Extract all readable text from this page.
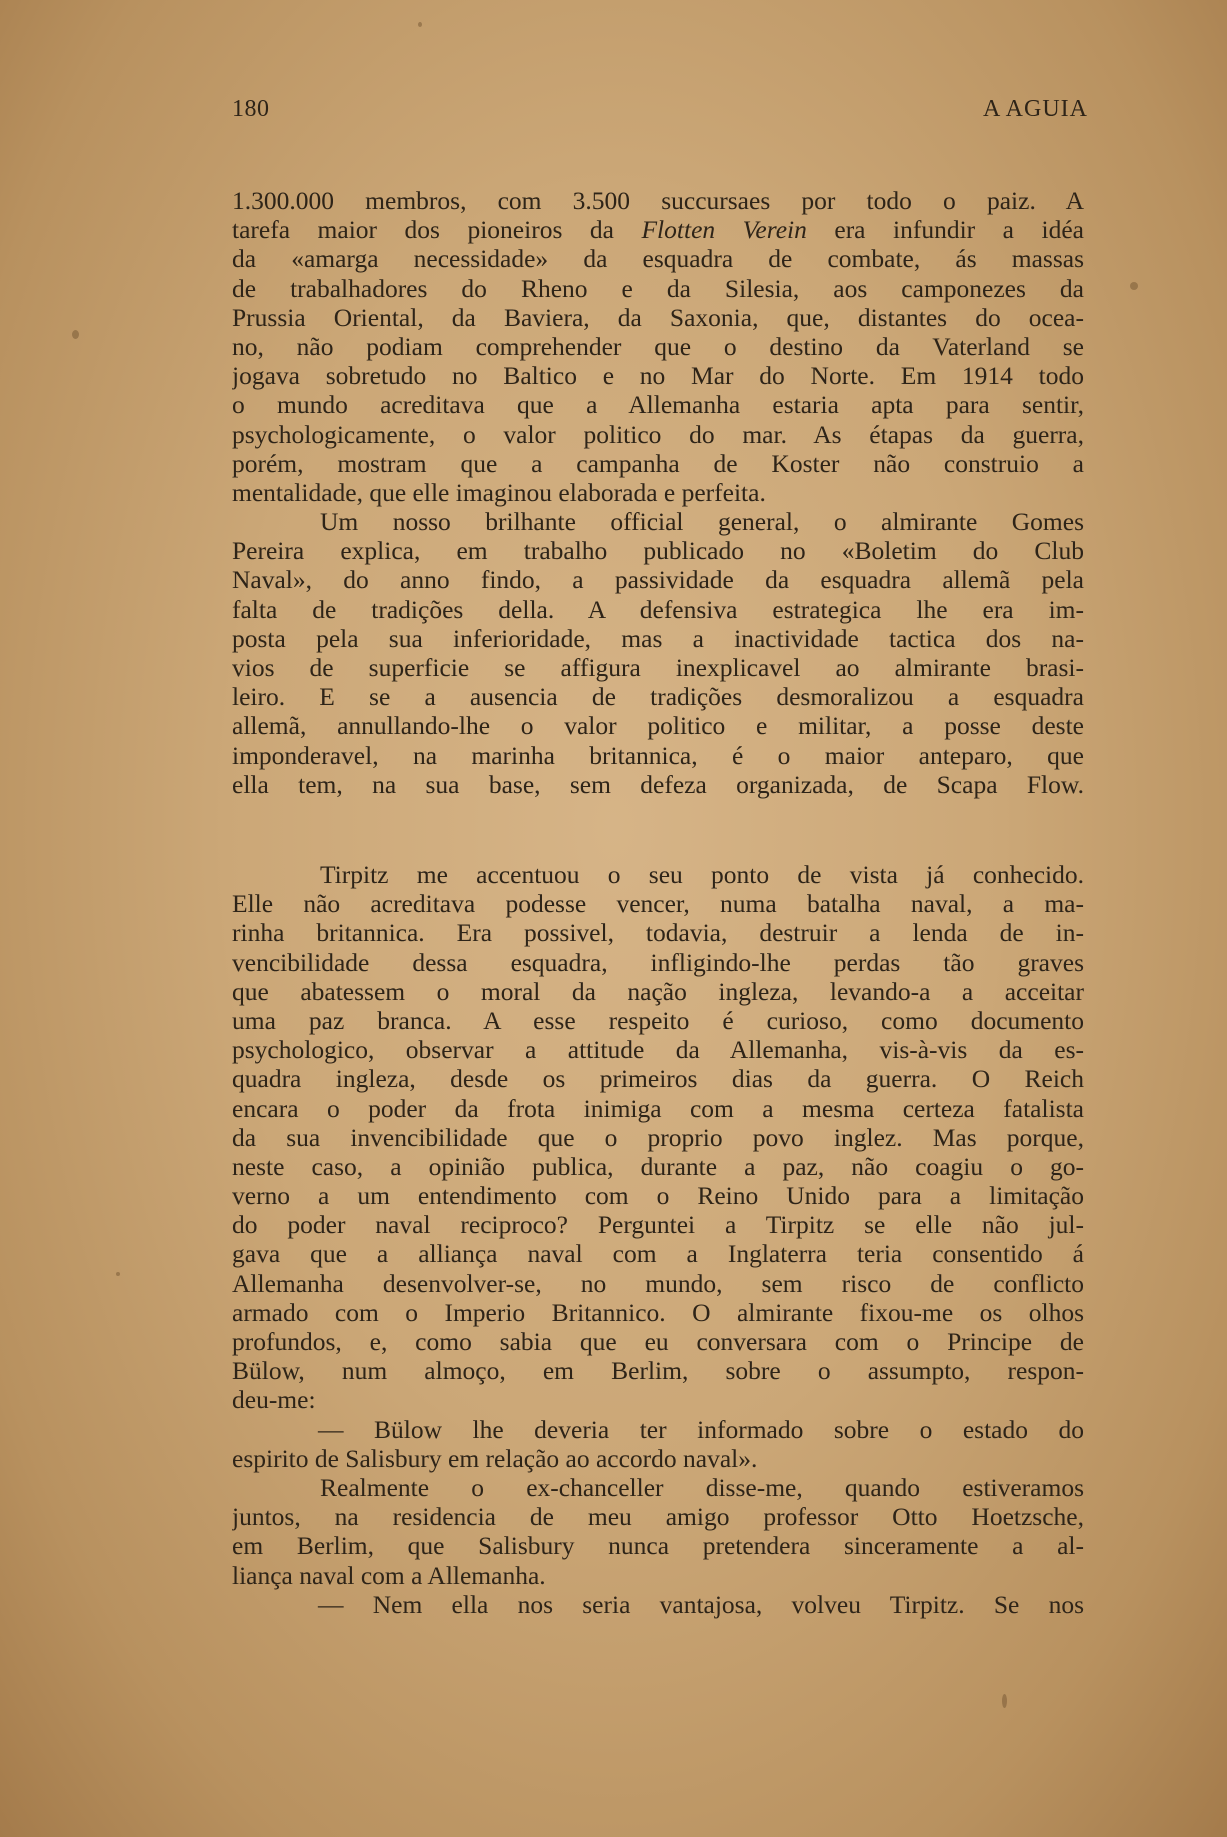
180	A AGUIA
1.300.000 membros, com 3.500 succursaes por todo o paiz. A
tarefa maior dos pioneiros da Flotten Verein era infundir a idéa
da «amarga necessidade» da esquadra de combate, ás massas
de trabalhadores do Rheno e da Silesia, aos camponezes da
Prussia Oriental, da Baviera, da Saxonia, que, distantes do ocea-
no, não podiam comprehender que o destino da Vaterland se
jogava sobretudo no Baltico e no Mar do Norte. Em 1914 todo
o mundo acreditava que a Allemanha estaria apta para sentir,
psychologicamente, o valor politico do mar. As étapas da guerra,
porém, mostram que a campanha de Koster não construio a
mentalidade, que elle imaginou elaborada e perfeita.
Um nosso brilhante official general, o almirante Gomes
Pereira explica, em trabalho publicado no «Boletim do Club
Naval», do anno findo, a passividade da esquadra allemã pela
falta de tradições della. A defensiva estrategica lhe era im-
posta pela sua inferioridade, mas a inactividade tactica dos na-
vios de superficie se affigura inexplicavel ao almirante brasi-
leiro. E se a ausencia de tradições desmoralizou a esquadra
allemã, annullando-lhe o valor politico e militar, a posse deste
imponderavel, na marinha britannica, é o maior anteparo, que
ella tem, na sua base, sem defeza organizada, de Scapa Flow.
Tirpitz me accentuou o seu ponto de vista já conhecido.
Elle não acreditava podesse vencer, numa batalha naval, a ma-
rinha britannica. Era possivel, todavia, destruir a lenda de in-
vencibilidade dessa esquadra, infligindo-lhe perdas tão graves
que abatessem o moral da nação ingleza, levando-a a acceitar
uma paz branca. A esse respeito é curioso, como documento
psychologico, observar a attitude da Allemanha, vis-à-vis da es-
quadra ingleza, desde os primeiros dias da guerra. O Reich
encara o poder da frota inimiga com a mesma certeza fatalista
da sua invencibilidade que o proprio povo inglez. Mas porque,
neste caso, a opinião publica, durante a paz, não coagiu o go-
verno a um entendimento com o Reino Unido para a limitação
do poder naval reciproco? Perguntei a Tirpitz se elle não jul-
gava que a alliança naval com a Inglaterra teria consentido á
Allemanha desenvolver-se, no mundo, sem risco de conflicto
armado com o Imperio Britannico. O almirante fixou-me os olhos
profundos, e, como sabia que eu conversara com o Principe de
Bülow, num almoço, em Berlim, sobre o assumpto, respon-
deu-me:
— Bülow lhe deveria ter informado sobre o estado do
espirito de Salisbury em relação ao accordo naval».
Realmente o ex-chanceller disse-me, quando estiveramos
juntos, na residencia de meu amigo professor Otto Hoetzsche,
em Berlim, que Salisbury nunca pretendera sinceramente a al-
liança naval com a Allemanha.
— Nem ella nos seria vantajosa, volveu Tirpitz. Se nos
